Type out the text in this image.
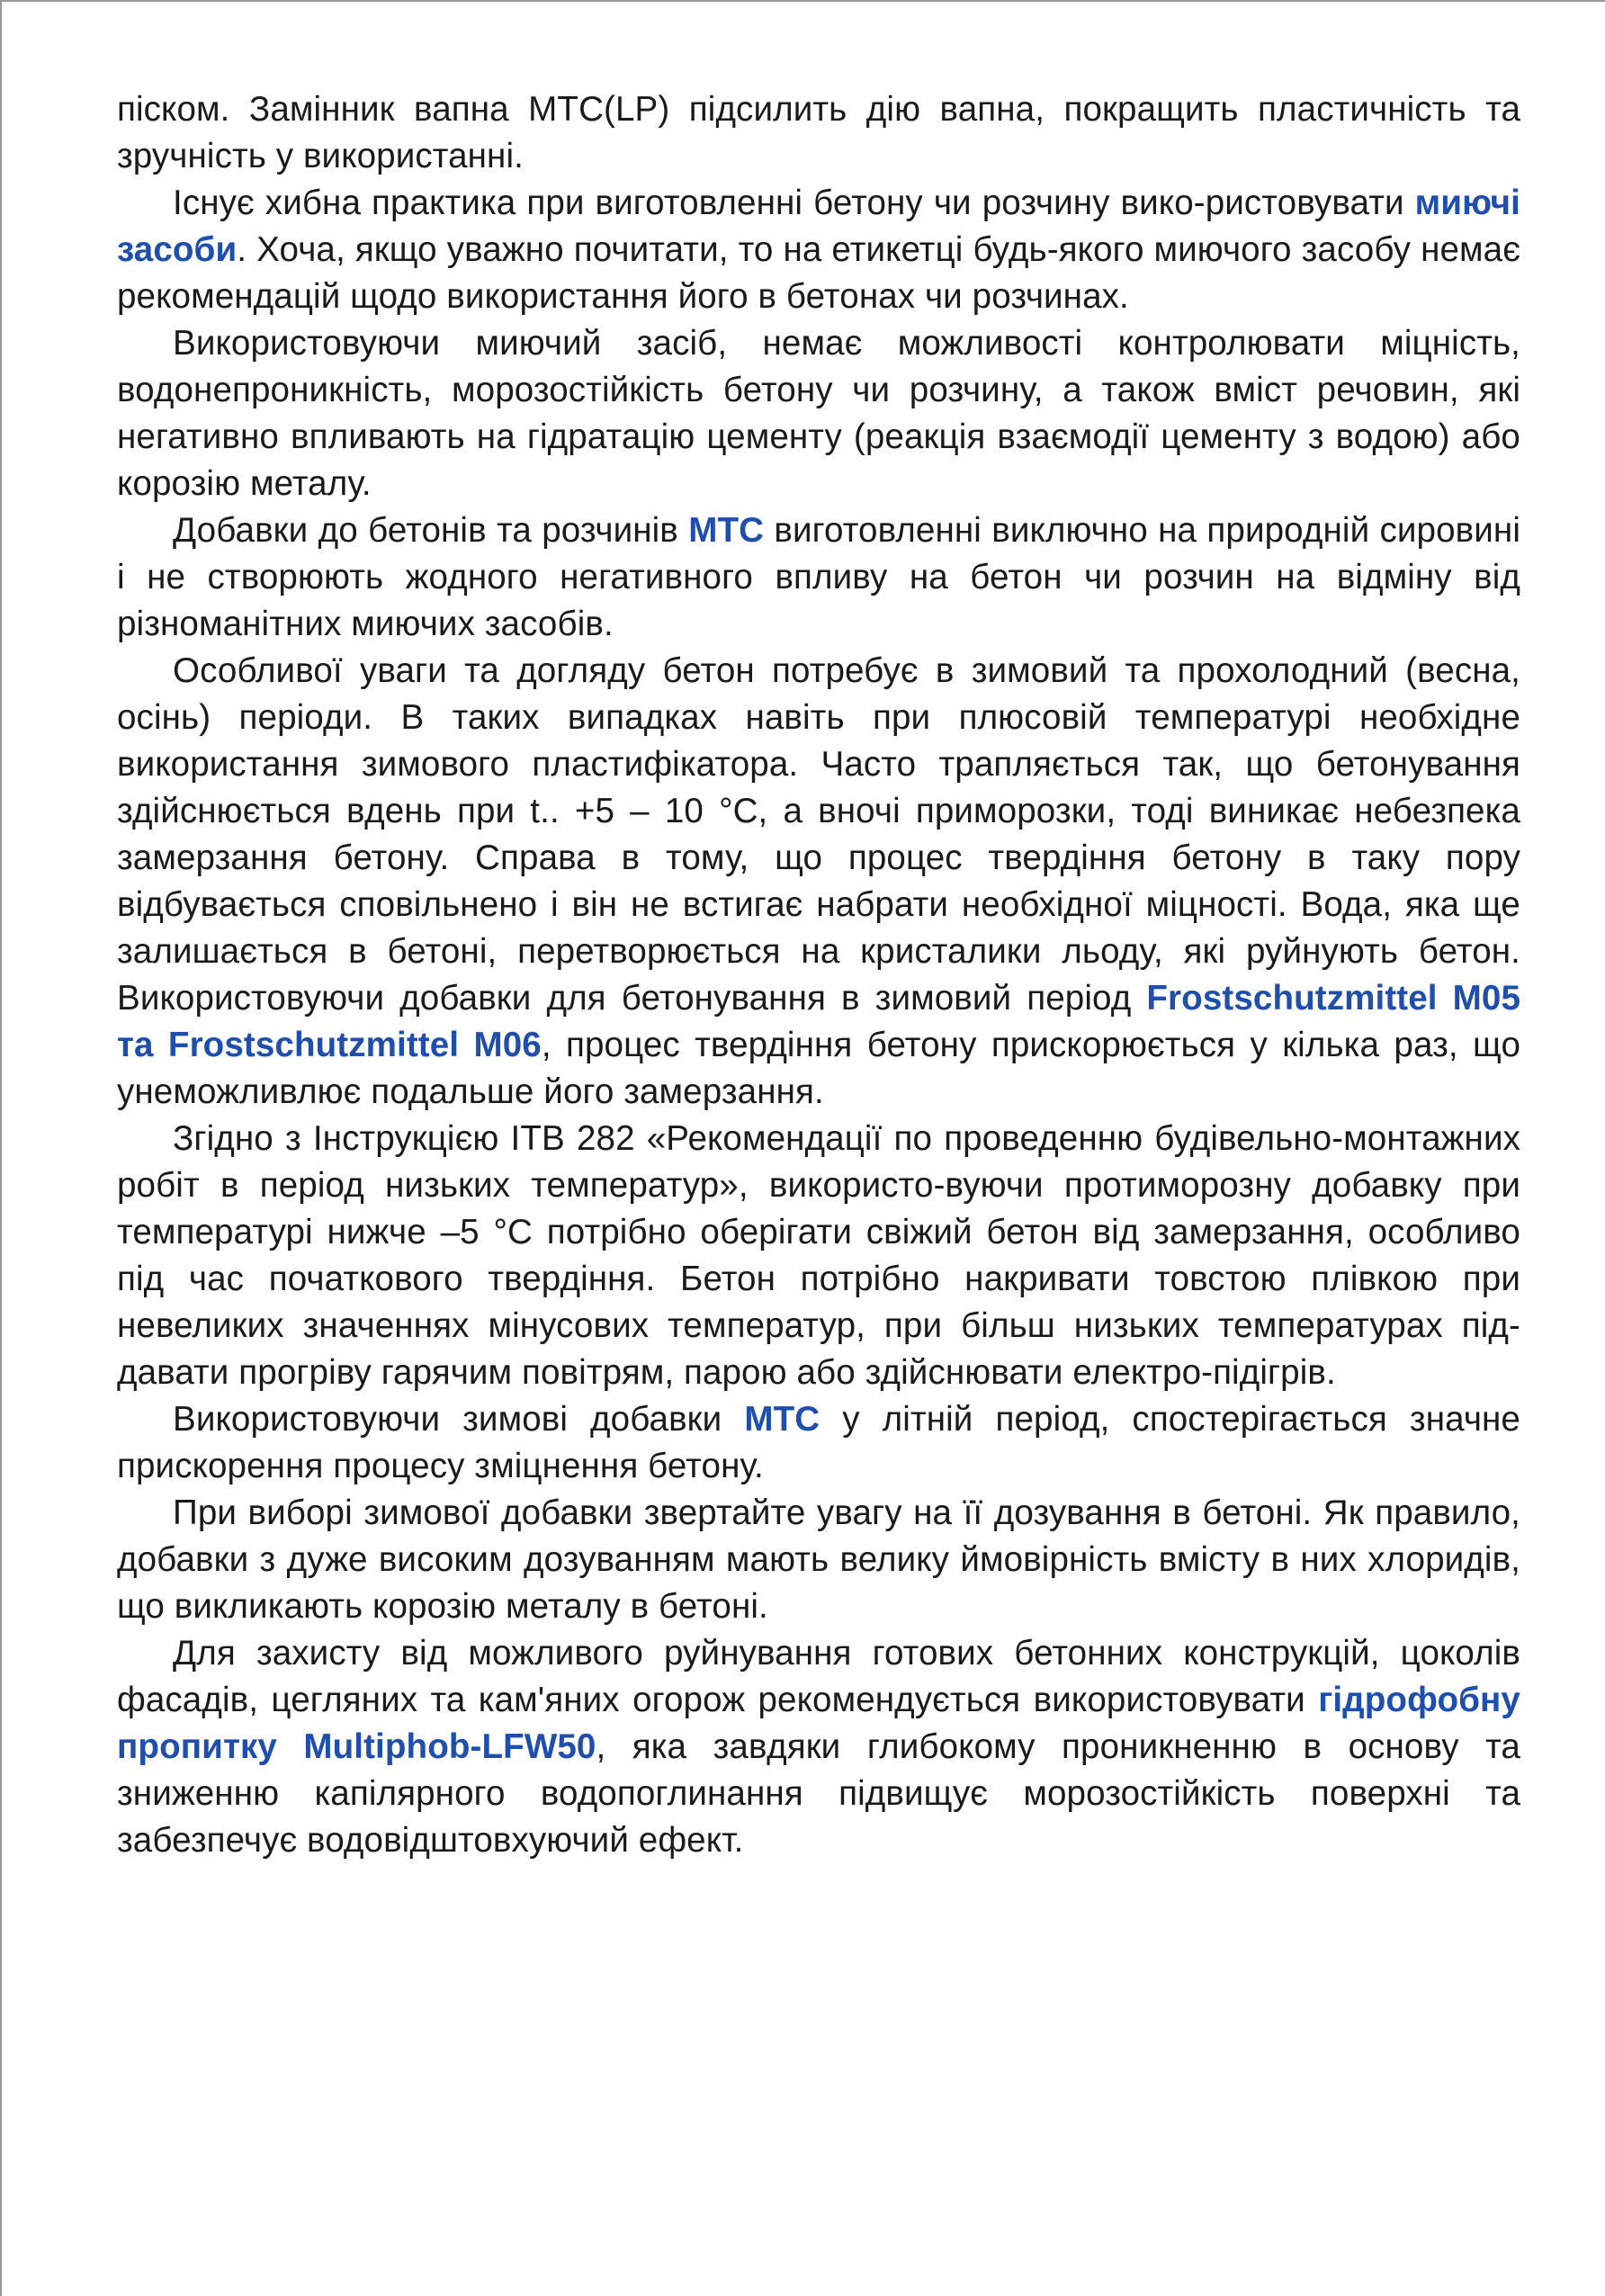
піском. Замінник вапна МТС(LP) підсилить дію вапна, покращить пластичність та зручність у використанні.

Існує хибна практика при виготовленні бетону чи розчину вико-ристовувати миючі засоби. Хоча, якщо уважно почитати, то на етикетці будь-якого миючого засобу немає рекомендацій щодо використання його в бетонах чи розчинах.

Використовуючи миючий засіб, немає можливості контролювати міцність, водонепроникність, морозостійкість бетону чи розчину, а також вміст речовин, які негативно впливають на гідратацію цементу (реакція взаємодії цементу з водою) або корозію металу.

Добавки до бетонів та розчинів МТС виготовленні виключно на природній сировині і не створюють жодного негативного впливу на бетон чи розчин на відміну від різноманітних миючих засобів.

Особливої уваги та догляду бетон потребує в зимовий та прохолодний (весна, осінь) періоди. В таких випадках навіть при плюсовій температурі необхідне використання зимового пластифікатора. Часто трапляється так, що бетонування здійснюється вдень при t.. +5 – 10 °С, а вночі приморозки, тоді виникає небезпека замерзання бетону. Справа в тому, що процес твердіння бетону в таку пору відбувається сповільнено і він не встигає набрати необхідної міцності. Вода, яка ще залишається в бетоні, перетворюється на кристалики льоду, які руйнують бетон. Використовуючи добавки для бетонування в зимовий період Frostschutzmittel М05 та Frostschutzmittel М06, процес твердіння бетону прискорюється у кілька раз, що унеможливлює подальше його замерзання.

Згідно з Інструкцією ІТВ 282 «Рекомендації по проведенню будівельно-монтажних робіт в період низьких температур», використо-вуючи протиморозну добавку при температурі нижче –5 °С потрібно оберігати свіжий бетон від замерзання, особливо під час початкового твердіння. Бетон потрібно накривати товстою плівкою при невеликих значеннях мінусових температур, при більш низьких температурах під-давати прогріву гарячим повітрям, парою або здійснювати електро-підігрів.

Використовуючи зимові добавки МТС у літній період, спостерігається значне прискорення процесу зміцнення бетону.

При виборі зимової добавки звертайте увагу на її дозування в бетоні. Як правило, добавки з дуже високим дозуванням мають велику ймовірність вмісту в них хлоридів, що викликають корозію металу в бетоні.

Для захисту від можливого руйнування готових бетонних конструкцій, цоколів фасадів, цегляних та кам'яних огорож рекомендується використовувати гідрофобну пропитку Multiphob-LFW50, яка завдяки глибокому проникненню в основу та зниженню капілярного водопоглинання підвищує морозостійкість поверхні та забезпечує водовідштовхуючий ефект.
